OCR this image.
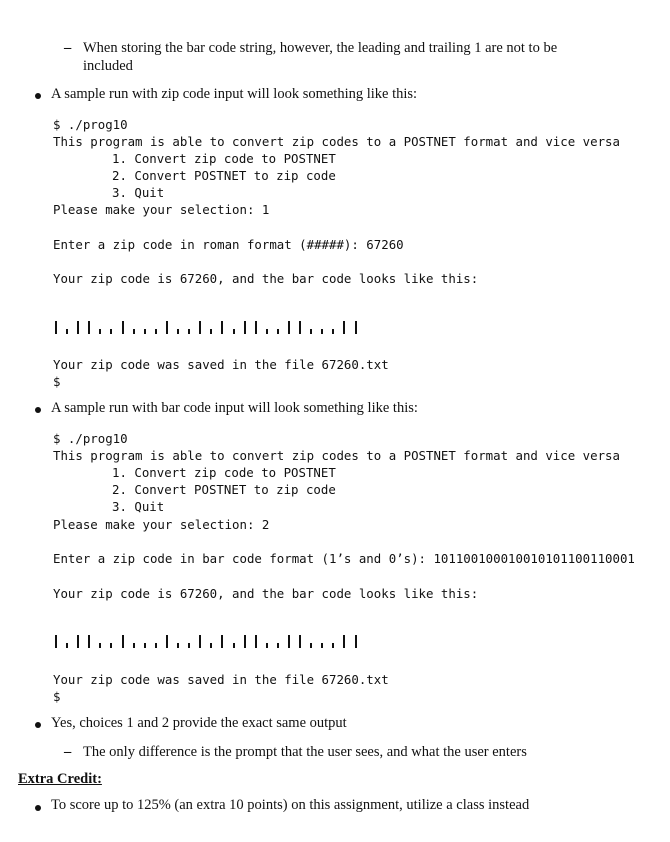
– When storing the bar code string, however, the leading and trailing 1 are not to be
included
A sample run with zip code input will look something like this:
$ ./prog10
This program is able to convert zip codes to a POSTNET format and vice versa
1. Convert zip code to POSTNET
2. Convert POSTNET to zip code
3. Quit
Please make your selection: 1
Enter a zip code in roman format (#####): 67260
Your zip code is 67260, and the bar code looks like this:
Your zip code was saved in the file 67260.txt
$
A sample run with bar code input will look something like this:
$ ./prog10
This program is able to convert zip codes to a POSTNET format and vice versa
1. Convert zip code to POSTNET
2. Convert POSTNET to zip code
3. Quit
Please make your selection: 2
Enter a zip code in bar code format (1’s and 0’s): 101100100010010101100110001
Your zip code is 67260, and the bar code looks like this:
Your zip code was saved in the file 67260.txt
$
Yes, choices 1 and 2 provide the exact same output
– The only difference is the prompt that the user sees, and what the user enters
Extra Credit:
To score up to 125% (an extra 10 points) on this assignment, utilize a class instead
